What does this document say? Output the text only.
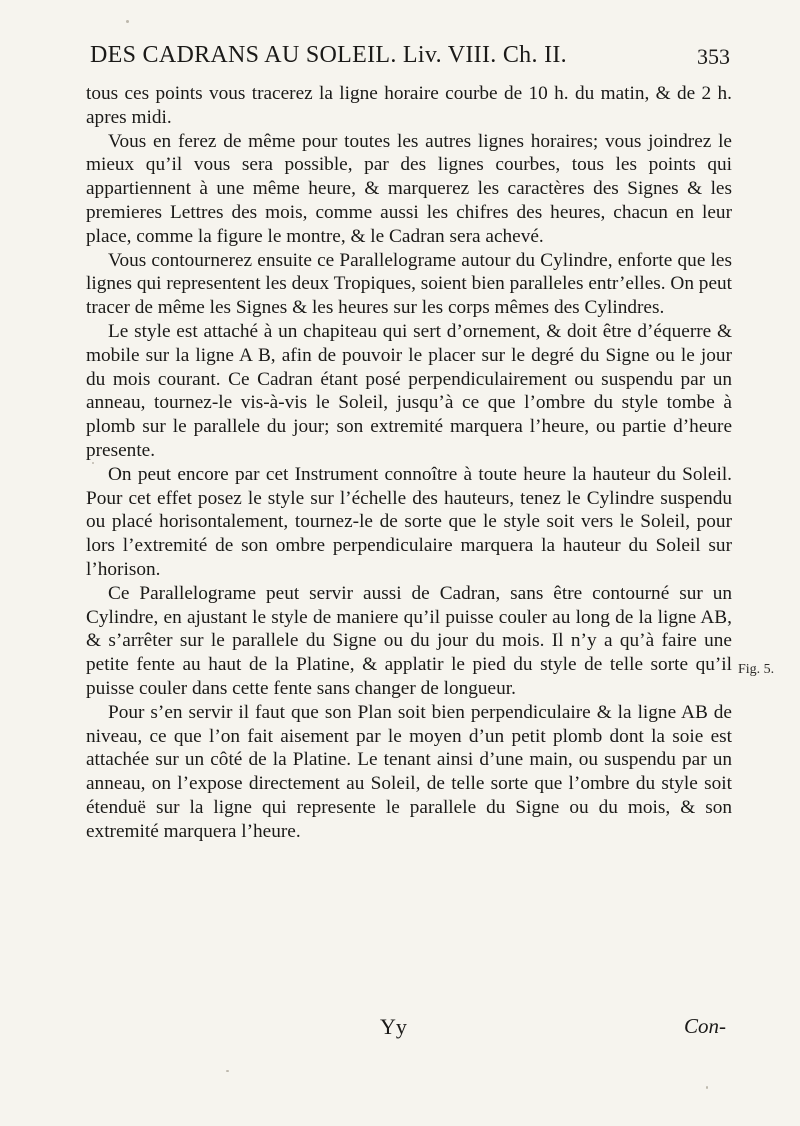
DES CADRANS AU SOLEIL. Liv. VIII. Ch. II.	353

tous ces points vous tracerez la ligne horaire courbe de 10 h. du matin, & de 2 h. apres midi.

Vous en ferez de même pour toutes les autres lignes horaires; vous joindrez le mieux qu’il vous sera possible, par des lignes courbes, tous les points qui appartiennent à une même heure, & marquerez les caractères des Signes & les premieres Lettres des mois, comme aussi les chifres des heures, chacun en leur place, comme la figure le montre, & le Cadran sera achevé.

Vous contournerez ensuite ce Parallelograme autour du Cylindre, enforte que les lignes qui representent les deux Tropiques, soient bien paralleles entr’elles. On peut tracer de même les Signes & les heures sur les corps mêmes des Cylindres.

Le style est attaché à un chapiteau qui sert d’ornement, & doit être d’équerre & mobile sur la ligne A B, afin de pouvoir le placer sur le degré du Signe ou le jour du mois courant. Ce Cadran étant posé perpendiculairement ou suspendu par un anneau, tournez-le vis-à-vis le Soleil, jusqu’à ce que l’ombre du style tombe à plomb sur le parallele du jour; son extremité marquera l’heure, ou partie d’heure presente.

On peut encore par cet Instrument connoître à toute heure la hauteur du Soleil. Pour cet effet posez le style sur l’échelle des hauteurs, tenez le Cylindre suspendu ou placé horisontalement, tournez-le de sorte que le style soit vers le Soleil, pour lors l’extremité de son ombre perpendiculaire marquera la hauteur du Soleil sur l’horison.

Ce Parallelograme peut servir aussi de Cadran, sans être contourné sur un Cylindre, en ajustant le style de maniere qu’il puisse couler au long de la ligne AB, & s’arrêter sur le parallele du Signe ou du jour du mois. Il n’y a qu’à faire une petite fente au haut de la Platine, & applatir le pied du style de telle sorte qu’il puisse couler dans cette fente sans changer de longueur.

Pour s’en servir il faut que son Plan soit bien perpendiculaire & la ligne AB de niveau, ce que l’on fait aisement par le moyen d’un petit plomb dont la soie est attachée sur un côté de la Platine. Le tenant ainsi d’une main, ou suspendu par un anneau, on l’expose directement au Soleil, de telle sorte que l’ombre du style soit étenduë sur la ligne qui represente le parallele du Signe ou du mois, & son extremité marquera l’heure.

Fig. 5.
Yy	Con-
